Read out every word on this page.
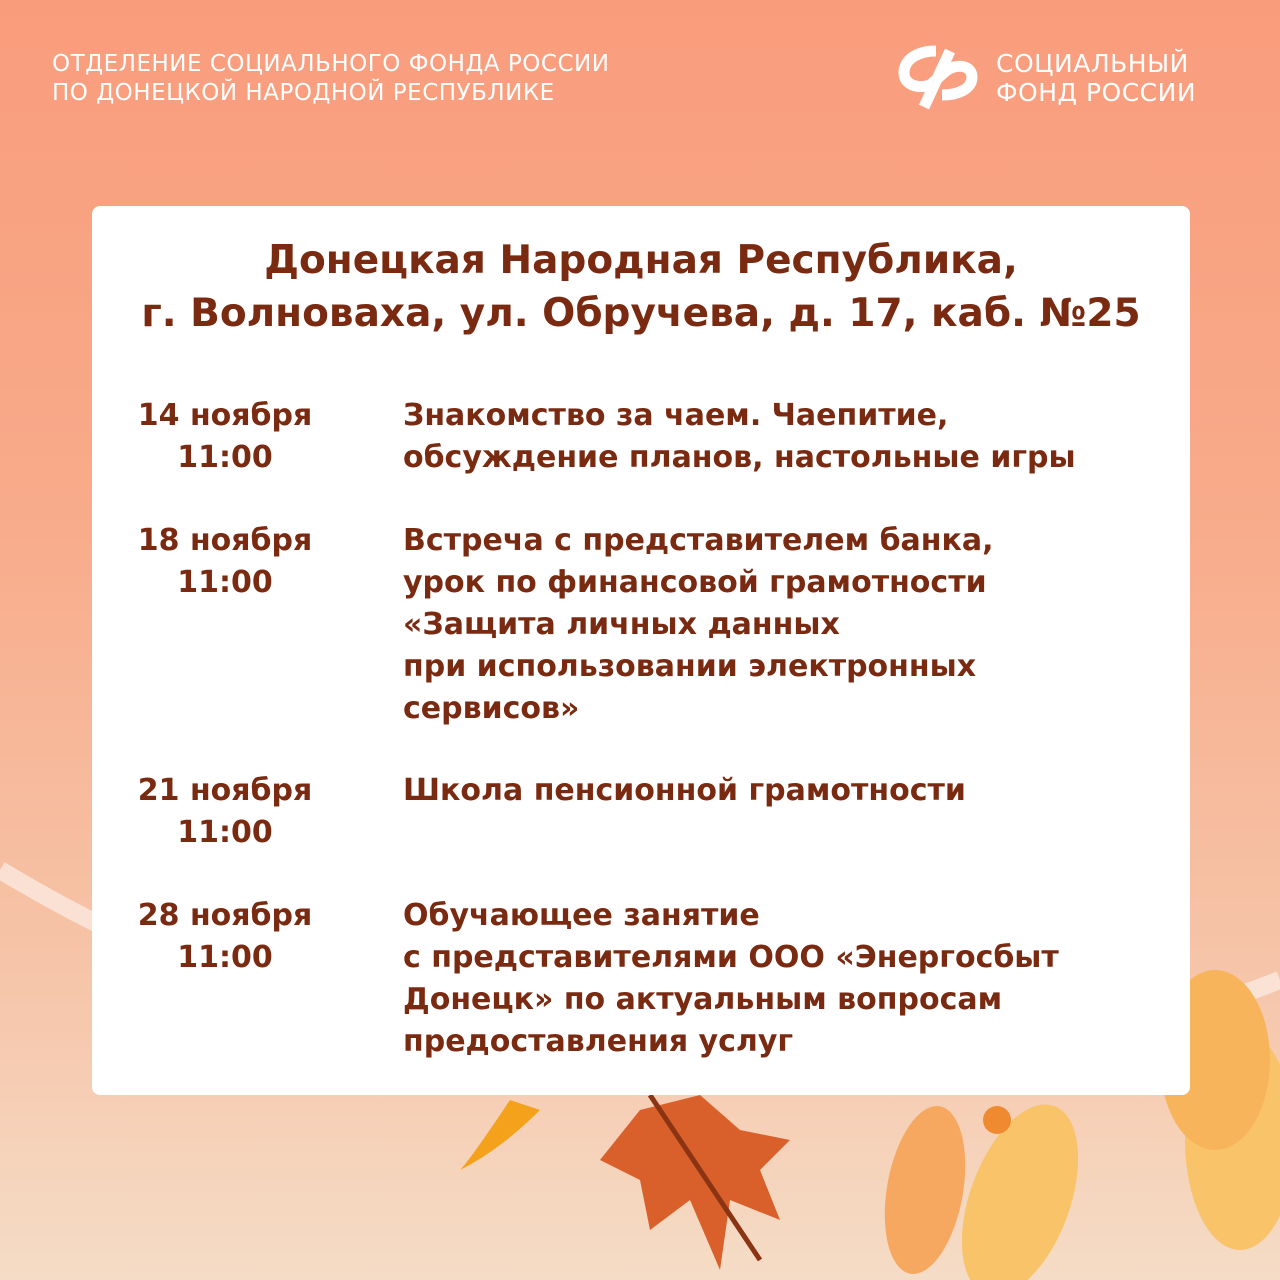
ОТДЕЛЕНИЕ СОЦИАЛЬНОГО ФОНДА РОССИИ
ПО ДОНЕЦКОЙ НАРОДНОЙ РЕСПУБЛИКЕ
СОЦИАЛЬНЫЙ
ФОНД РОССИИ
Донецкая Народная Республика,
г. Волноваха, ул. Обручева, д. 17, каб. №25
14 ноября
11:00
Знакомство за чаем. Чаепитие,
обсуждение планов, настольные игры
18 ноября
11:00
Встреча с представителем банка,
урок по финансовой грамотности
«Защита личных данных
при использовании электронных
сервисов»
21 ноября
11:00
Школа пенсионной грамотности
28 ноября
11:00
Обучающее занятие
с представителями ООО «Энергосбыт
Донецк» по актуальным вопросам
предоставления услуг
